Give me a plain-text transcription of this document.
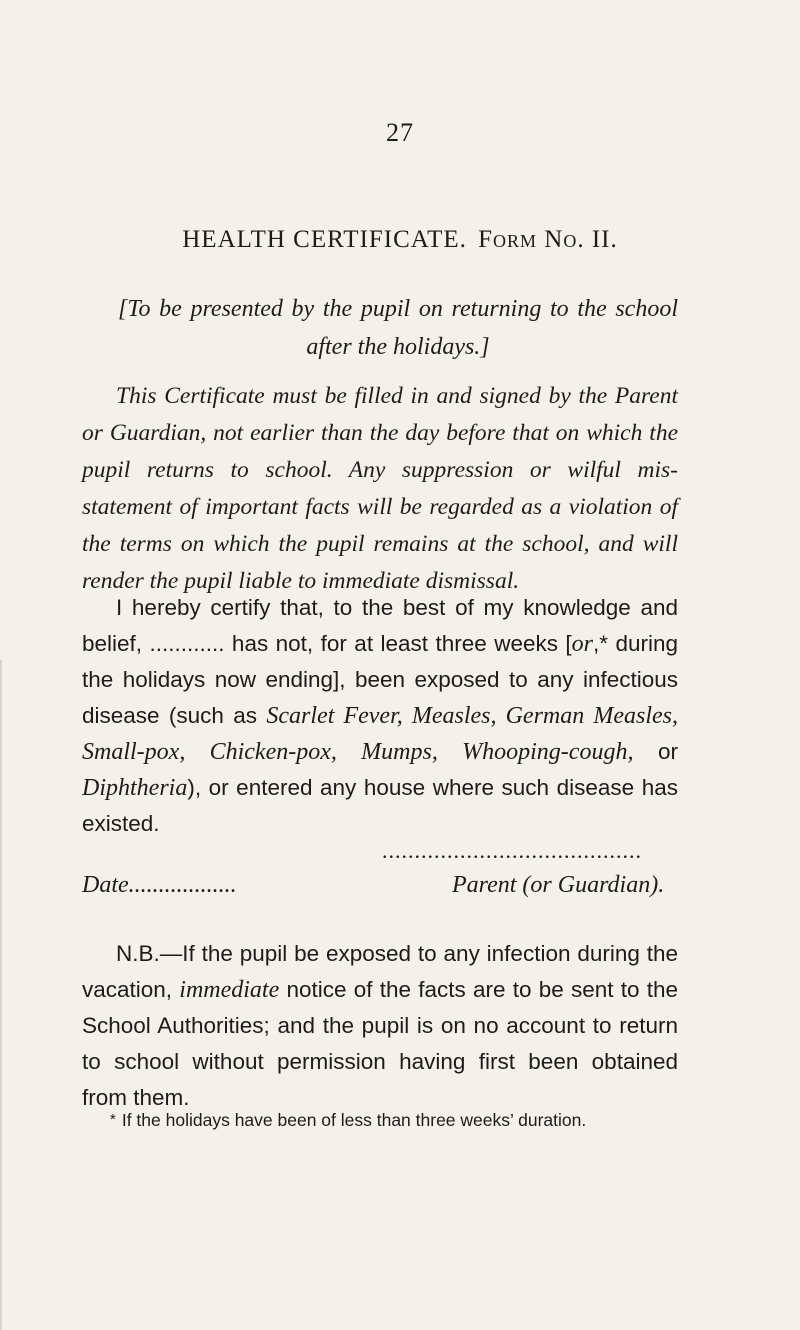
27
HEALTH CERTIFICATE. Form No. II.
[To be presented by the pupil on returning to the school after the holidays.]
This Certificate must be filled in and signed by the Parent or Guardian, not earlier than the day before that on which the pupil returns to school. Any suppression or wilful mis-statement of important facts will be regarded as a violation of the terms on which the pupil remains at the school, and will render the pupil liable to immediate dismissal.
I hereby certify that, to the best of my knowledge and belief, ............ has not, for at least three weeks [or,* during the holidays now ending], been exposed to any infectious disease (such as Scarlet Fever, Measles, German Measles, Small-pox, Chicken-pox, Mumps, Whooping-cough, or Diphtheria), or entered any house where such disease has existed.
........................................
Date..................	Parent (or Guardian).
N.B.—If the pupil be exposed to any infection during the vacation, immediate notice of the facts are to be sent to the School Authorities; and the pupil is on no account to return to school without permission having first been obtained from them.
* If the holidays have been of less than three weeks’ duration.
